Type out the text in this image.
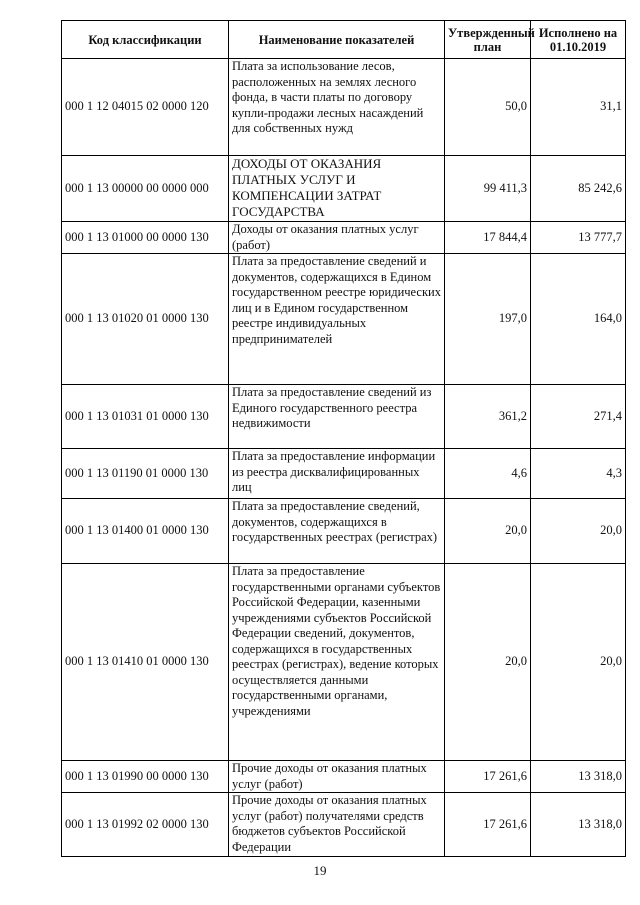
Код классификации	Наименование показателей	Утвержденный план	Исполнено на 01.10.2019
000 1 12 04015 02 0000 120	Плата за использование лесов, расположенных на землях лесного фонда, в части платы по договору купли-продажи лесных насаждений для собственных нужд	50,0	31,1
000 1 13 00000 00 0000 000	ДОХОДЫ ОТ ОКАЗАНИЯ ПЛАТНЫХ УСЛУГ И КОМПЕНСАЦИИ ЗАТРАТ ГОСУДАРСТВА	99 411,3	85 242,6
000 1 13 01000 00 0000 130	Доходы от оказания платных услуг (работ)	17 844,4	13 777,7
000 1 13 01020 01 0000 130	Плата за предоставление сведений и документов, содержащихся в Едином государственном реестре юридических лиц и в Едином государственном реестре индивидуальных предпринимателей	197,0	164,0
000 1 13 01031 01 0000 130	Плата за предоставление сведений из Единого государственного реестра недвижимости	361,2	271,4
000 1 13 01190 01 0000 130	Плата за предоставление информации из реестра дисквалифицированных лиц	4,6	4,3
000 1 13 01400 01 0000 130	Плата за предоставление сведений, документов, содержащихся в государственных реестрах (регистрах)	20,0	20,0
000 1 13 01410 01 0000 130	Плата за предоставление государственными органами субъектов Российской Федерации, казенными учреждениями субъектов Российской Федерации сведений, документов, содержащихся в государственных реестрах (регистрах), ведение которых осуществляется данными государственными органами, учреждениями	20,0	20,0
000 1 13 01990 00 0000 130	Прочие доходы от оказания платных услуг (работ)	17 261,6	13 318,0
000 1 13 01992 02 0000 130	Прочие доходы от оказания платных услуг (работ) получателями средств бюджетов субъектов Российской Федерации	17 261,6	13 318,0
19
